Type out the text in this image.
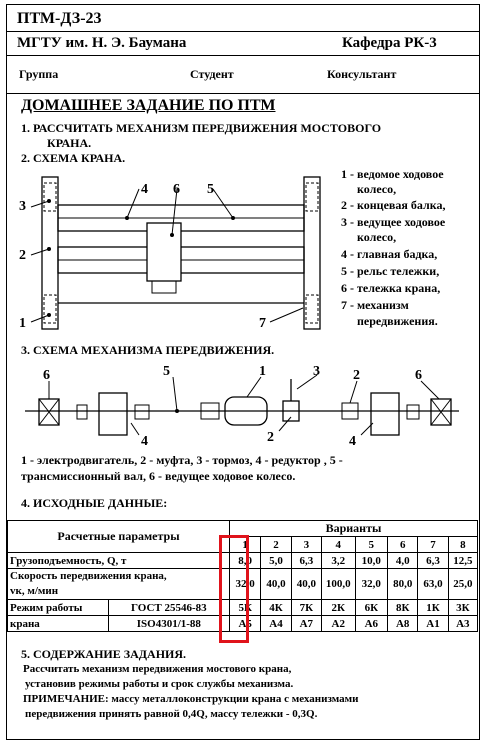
ПТМ-ДЗ-23
МГТУ им. Н. Э. Баумана	Кафедра РК-3
Группа	Студент	Консультант
ДОМАШНЕЕ ЗАДАНИЕ ПО ПТМ
1. РАССЧИТАТЬ МЕХАНИЗМ ПЕРЕДВИЖЕНИЯ МОСТОВОГО
КРАНА.
2. СХЕМА КРАНА.
3
4 6 5
2
1	7
1 - ведомое ходовое
колесо,
2 - концевая балка,
3 - ведущее ходовое
колесо,
4 - главная бадка,
5 - рельс тележки,
6 - тележка крана,
7 - механизм
передвижения.
3. СХЕМА МЕХАНИЗМА ПЕРЕДВИЖЕНИЯ.
6	5	1	3 2	6
4	2	4
1 - электродвигатель, 2 - муфта, 3 - тормоз, 4 - редуктор , 5 -
трансмиссионный вал, 6 - ведущее ходовое колесо.
4. ИСХОДНЫЕ ДАННЫЕ:
Расчетные параметры		Варианты							
		1	2	3	4	5	6	7	8
Грузоподъемность, Q, т		8,0	5,0	6,3	3,2	10,0	4,0	6,3	12,5

Скорость передвижения крана,
vк, м/мин		32,0	40,0	40,0	100,0	32,0	80,0	63,0	25,0
Режим работы	ГОСТ 25546-83	5К	4К	7К	2К	6К	8К	1К	3К
крана	ISO4301/1-88	А5	А4	А7	А2	А6	А8	А1	А3
5. СОДЕРЖАНИЕ ЗАДАНИЯ.
Рассчитать механизм передвижения мостового крана,
установив режимы работы и срок службы механизма.
ПРИМЕЧАНИЕ: массу металлоконструкции крана с механизмами
передвижения принять равной 0,4Q, массу тележки - 0,3Q.
